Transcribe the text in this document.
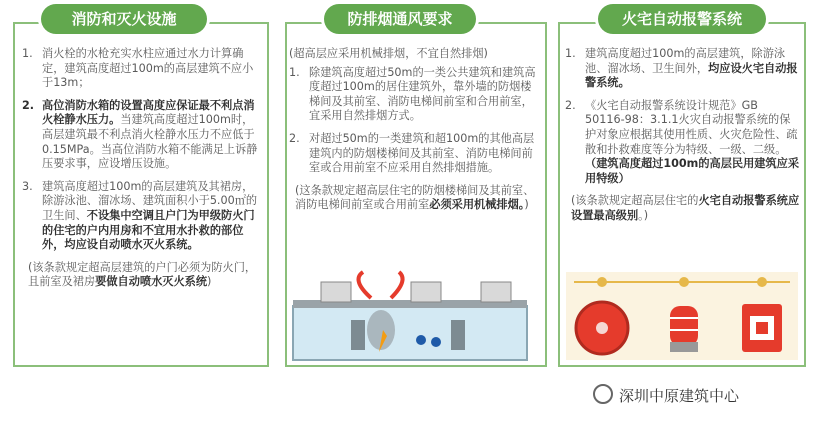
消防和灭火设施
1. 消火栓的水枪充实水柱应通过水力计算确定，建筑高度超过100m的高层建筑不应小于13m；
2. 高位消防水箱的设置高度应保证最不利点消火栓静水压力。当建筑高度超过100m时，高层建筑最不利点消火栓静水压力不应低于0.15MPa。当高位消防水箱不能满足上诉静压要求事，应设增压设施。
3. 建筑高度超过100m的高层建筑及其裙房，除游泳池、溜冰场、建筑面积小于5.00㎡的卫生间、不设集中空调且户门为甲级防火门的住宅的户内用房和不宜用水扑救的部位外，均应设自动喷水灭火系统。
(该条款规定超高层建筑的户门必须为防火门，且前室及裙房要做自动喷水灭火系统)
防排烟通风要求
(超高层应采用机械排烟，不宜自然排烟)
1. 除建筑高度超过50m的一类公共建筑和建筑高度超过100m的居住建筑外，靠外墙的防烟楼梯间及其前室、消防电梯间前室和合用前室，宜采用自然排烟方式。
2. 对超过50m的一类建筑和超100m的其他高层建筑内的防烟楼梯间及其前室、消防电梯间前室或合用前室不应采用自然排烟措施。
(这条款规定超高层住宅的防烟楼梯间及其前室、消防电梯间前室或合用前室必须采用机械排烟。)
火宅自动报警系统
1. 建筑高度超过100m的高层建筑，除游泳池、溜冰场、卫生间外，均应设火宅自动报警系统。
2. 《火宅自动报警系统设计规范》GB 50116-98：3.1.1火灾自动报警系统的保护对象应根据其使用性质、火灾危险性、疏散和扑救难度等分为特级、一级、二级。（建筑高度超过100m的高层民用建筑应采用特级）
(该条款规定超高层住宅的火宅自动报警系统应设置最高级别。)
深圳中原建筑中心
